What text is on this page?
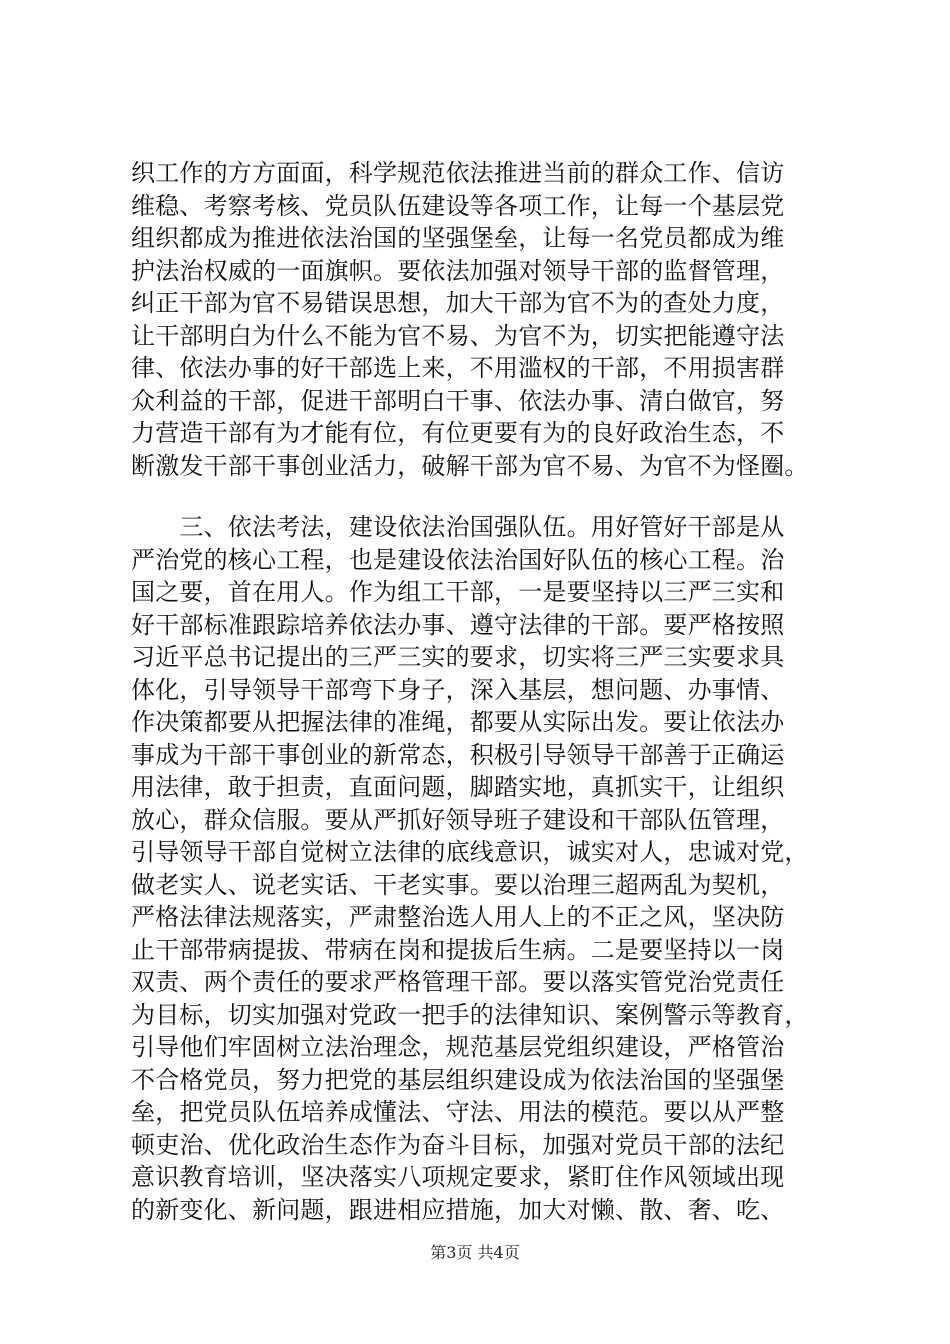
织工作的方方面面，科学规范依法推进当前的群众工作、信访
维稳、考察考核、党员队伍建设等各项工作，让每一个基层党
组织都成为推进依法治国的坚强堡垒，让每一名党员都成为维
护法治权威的一面旗帜。要依法加强对领导干部的监督管理，
纠正干部为官不易错误思想，加大干部为官不为的查处力度，
让干部明白为什么不能为官不易、为官不为，切实把能遵守法
律、依法办事的好干部选上来，不用滥权的干部，不用损害群
众利益的干部，促进干部明白干事、依法办事、清白做官，努
力营造干部有为才能有位，有位更要有为的良好政治生态，不
断激发干部干事创业活力，破解干部为官不易、为官不为怪圈。
　　三、依法考法，建设依法治国强队伍。用好管好干部是从
严治党的核心工程，也是建设依法治国好队伍的核心工程。治
国之要，首在用人。作为组工干部，一是要坚持以三严三实和
好干部标准跟踪培养依法办事、遵守法律的干部。要严格按照
习近平总书记提出的三严三实的要求，切实将三严三实要求具
体化，引导领导干部弯下身子，深入基层，想问题、办事情、
作决策都要从把握法律的准绳，都要从实际出发。要让依法办
事成为干部干事创业的新常态，积极引导领导干部善于正确运
用法律，敢于担责，直面问题，脚踏实地，真抓实干，让组织
放心，群众信服。要从严抓好领导班子建设和干部队伍管理，
引导领导干部自觉树立法律的底线意识，诚实对人，忠诚对党，
做老实人、说老实话、干老实事。要以治理三超两乱为契机，
严格法律法规落实，严肃整治选人用人上的不正之风，坚决防
止干部带病提拔、带病在岗和提拔后生病。二是要坚持以一岗
双责、两个责任的要求严格管理干部。要以落实管党治党责任
为目标，切实加强对党政一把手的法律知识、案例警示等教育，
引导他们牢固树立法治理念，规范基层党组织建设，严格管治
不合格党员，努力把党的基层组织建设成为依法治国的坚强堡
垒，把党员队伍培养成懂法、守法、用法的模范。要以从严整
顿吏治、优化政治生态作为奋斗目标，加强对党员干部的法纪
意识教育培训，坚决落实八项规定要求，紧盯住作风领域出现
的新变化、新问题，跟进相应措施，加大对懒、散、奢、吃、
第3页 共4页
